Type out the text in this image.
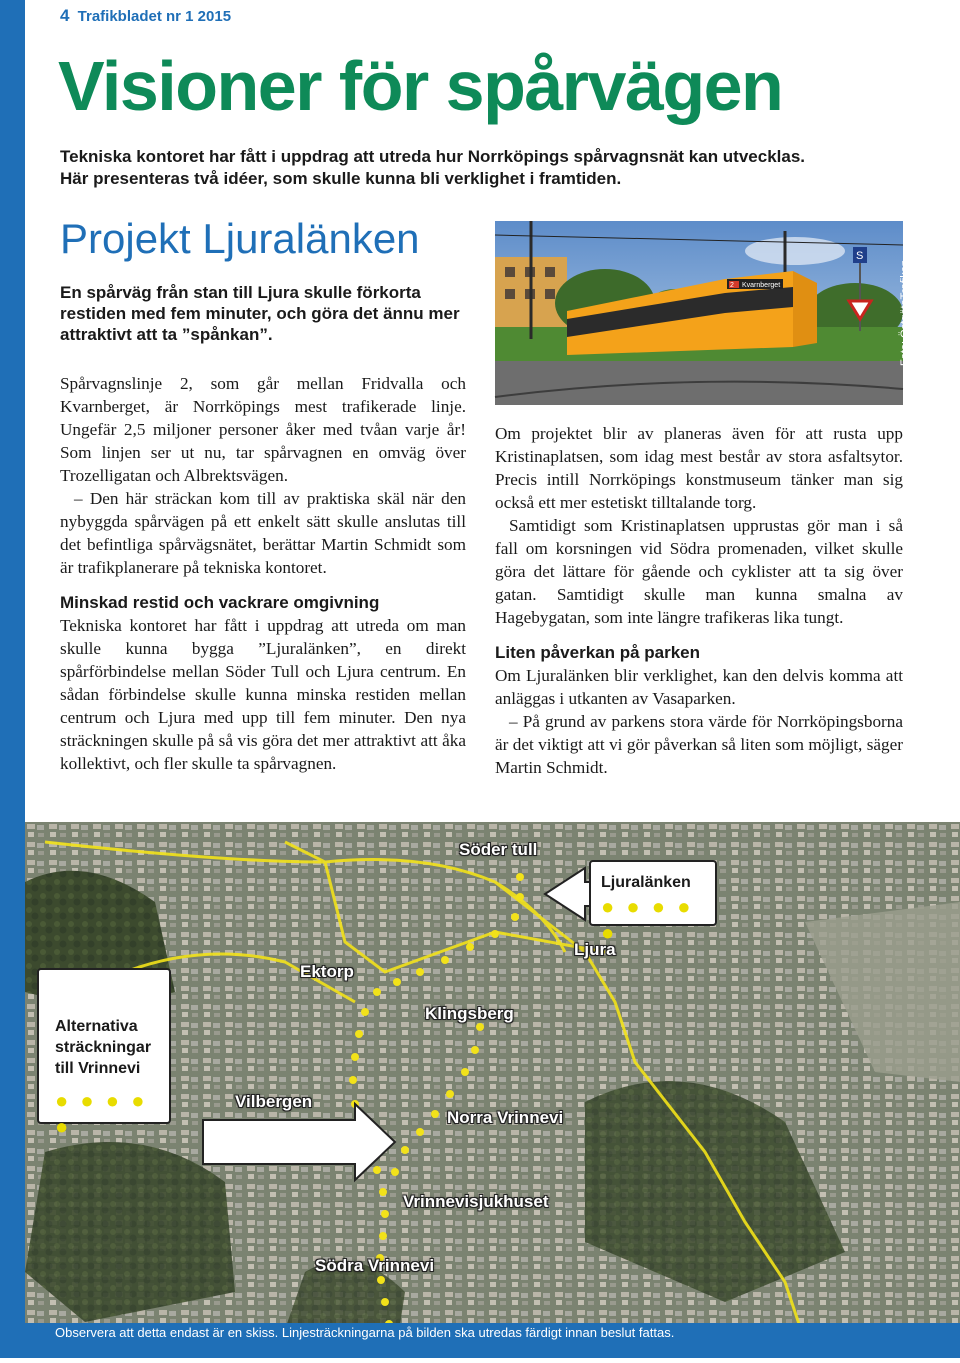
4 Trafikbladet nr 1 2015
Visioner för spårvägen
Tekniska kontoret har fått i uppdrag att utreda hur Norrköpings spårvagnsnät kan utvecklas.
Här presenteras två idéer, som skulle kunna bli verklighet i framtiden.
Projekt Ljuralänken
En spårväg från stan till Ljura skulle förkorta restiden med fem minuter, och göra det ännu mer attraktivt att ta ”spånkan”.
2 Kvarnberget
S
Foto: ÖstgötaTrafiken

Spårvagnslinje 2, som går mellan Fridvalla och Kvarnberget, är Norrköpings mest trafikerade linje. Ungefär 2,5 miljoner personer åker med tvåan varje år! Som linjen ser ut nu, tar spårvagnen en omväg över Trozelligatan och Albrektsvägen.

– Den här sträckan kom till av praktiska skäl när den nybyggda spårvägen på ett enkelt sätt skulle anslutas till det befintliga spårvägsnätet, berättar Martin Schmidt som är trafikplanerare på tekniska kontoret.

Minskad restid och vackrare omgivning

Tekniska kontoret har fått i uppdrag att utreda om man skulle kunna bygga ”Ljuralänken”, en direkt spårförbindelse mellan Söder Tull och Ljura centrum. En sådan förbindelse skulle kunna minska restiden mellan centrum och Ljura med upp till fem minuter. Den nya sträckningen skulle på så vis göra det mer attraktivt att åka kollektivt, och fler skulle ta spårvagnen.

Om projektet blir av planeras även för att rusta upp Kristinaplatsen, som idag mest består av stora asfaltsytor. Precis intill Norrköpings konstmuseum tänker man sig också ett mer estetiskt tilltalande torg.

Samtidigt som Kristinaplatsen upprustas gör man i så fall om korsningen vid Södra promenaden, vilket skulle göra det lättare för gående och cyklister att ta sig över gatan. Samtidigt skulle man kunna smalna av Hagebygatan, som inte längre trafikeras lika tungt.

Liten påverkan på parken

Om Ljuralänken blir verklighet, kan den delvis komma att anläggas i utkanten av Vasaparken.

– På grund av parkens stora värde för Norrköpingsborna är det viktigt att vi gör påverkan så liten som möjligt, säger Martin Schmidt.

Söder tull
Ljura
Ektorp
Klingsberg
Vilbergen
Norra Vrinnevi
Vrinnevisjukhuset
Södra Vrinnevi
Ljuralänken
● ● ● ● ●
Alternativa sträckningar till Vrinnevi
● ● ● ● ●
Observera att detta endast är en skiss. Linjesträckningarna på bilden ska utredas färdigt innan beslut fattas.
